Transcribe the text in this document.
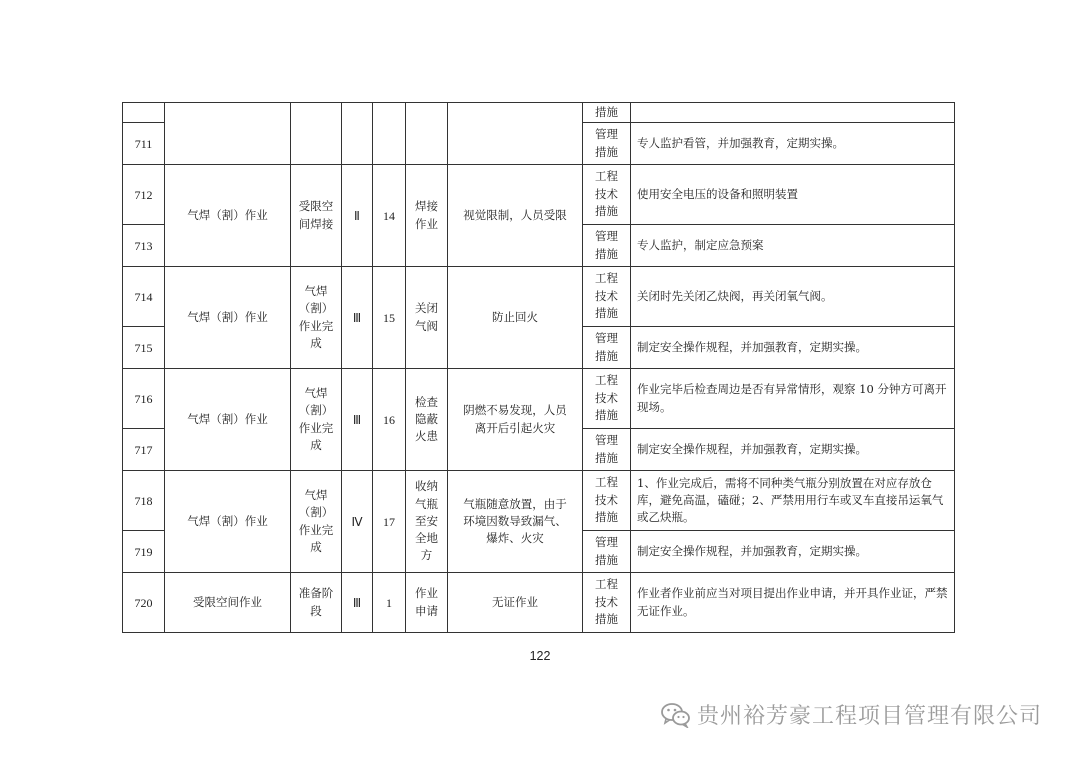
							措施	
711							管理
措施	专人监护看管，并加强教育，定期实操。
712	气焊（割）作业	受限空
间焊接	Ⅱ	14	焊接
作业	视觉限制，人员受限	工程
技术
措施	使用安全电压的设备和照明装置
713							管理
措施	专人监护，制定应急预案
714	气焊（割）作业	气焊
（割）
作业完
成	Ⅲ	15	关闭
气阀	防止回火	工程
技术
措施	关闭时先关闭乙炔阀，再关闭氧气阀。
715							管理
措施	制定安全操作规程，并加强教育，定期实操。
716	气焊（割）作业	气焊
（割）
作业完
成	Ⅲ	16	检查
隐蔽
火患	阴燃不易发现，人员
离开后引起火灾	工程
技术
措施	作业完毕后检查周边是否有异常情形，观察 10 分钟方可离开现场。
717							管理
措施	制定安全操作规程，并加强教育，定期实操。
718	气焊（割）作业	气焊
（割）
作业完
成	Ⅳ	17	收纳
气瓶
至安
全地
方	气瓶随意放置，由于
环境因数导致漏气、
爆炸、火灾	工程
技术
措施	1、作业完成后，需将不同种类气瓶分别放置在对应存放仓库，避免高温，磕碰；2、严禁用用行车或叉车直接吊运氧气或乙炔瓶。
719							管理
措施	制定安全操作规程，并加强教育，定期实操。
720	受限空间作业	准备阶
段	Ⅲ	1	作业
申请	无证作业	工程
技术
措施	作业者作业前应当对项目提出作业申请，并开具作业证，严禁无证作业。
122
贵州裕芳豪工程项目管理有限公司
